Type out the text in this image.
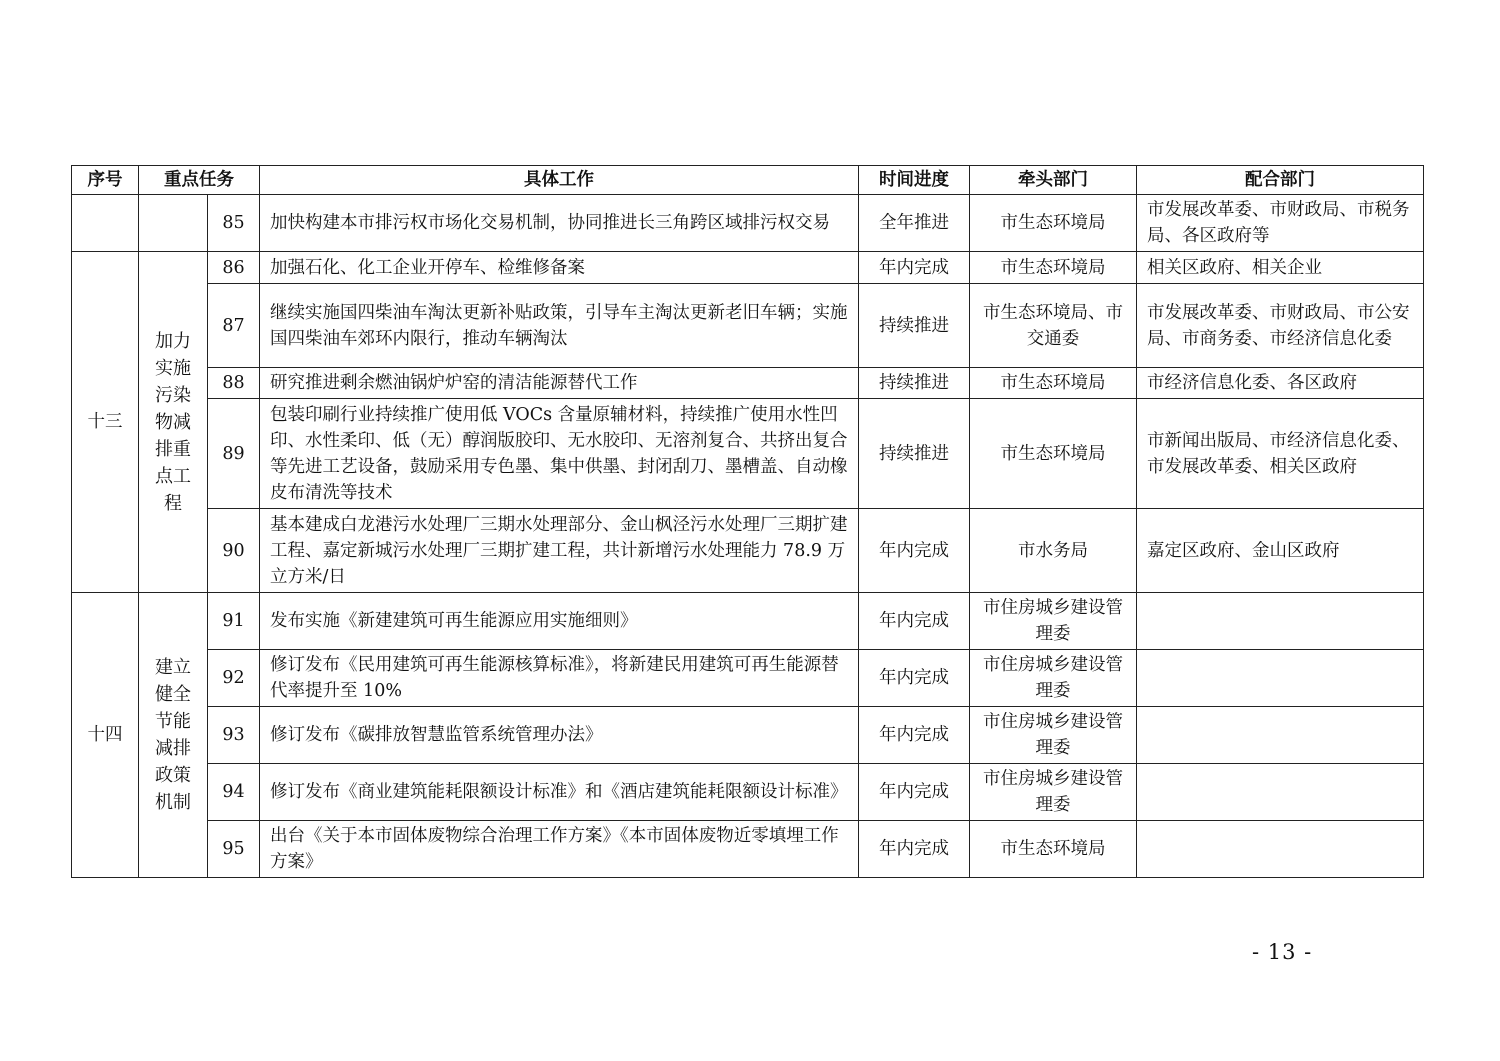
序号	重点任务		具体工作	时间进度	牵头部门	配合部门
		85	加快构建本市排污权市场化交易机制，协同推进长三角跨区域排污权交易	全年推进	市生态环境局	市发展改革委、市财政局、市税务局、各区政府等
十三	加力实施污染物减排重点工程	86	加强石化、化工企业开停车、检维修备案	年内完成	市生态环境局	相关区政府、相关企业
		87	继续实施国四柴油车淘汰更新补贴政策，引导车主淘汰更新老旧车辆；实施国四柴油车郊环内限行，推动车辆淘汰	持续推进	市生态环境局、市交通委	市发展改革委、市财政局、市公安局、市商务委、市经济信息化委
		88	研究推进剩余燃油锅炉炉窑的清洁能源替代工作	持续推进	市生态环境局	市经济信息化委、各区政府
		89	包装印刷行业持续推广使用低 VOCs 含量原辅材料，持续推广使用水性凹印、水性柔印、低（无）醇润版胶印、无水胶印、无溶剂复合、共挤出复合等先进工艺设备，鼓励采用专色墨、集中供墨、封闭刮刀、墨槽盖、自动橡皮布清洗等技术	持续推进	市生态环境局	市新闻出版局、市经济信息化委、市发展改革委、相关区政府
		90	基本建成白龙港污水处理厂三期水处理部分、金山枫泾污水处理厂三期扩建工程、嘉定新城污水处理厂三期扩建工程，共计新增污水处理能力 78.9 万立方米/日	年内完成	市水务局	嘉定区政府、金山区政府
十四	建立健全节能减排政策机制	91	发布实施《新建建筑可再生能源应用实施细则》	年内完成	市住房城乡建设管理委	
		92	修订发布《民用建筑可再生能源核算标准》，将新建民用建筑可再生能源替代率提升至 10%	年内完成	市住房城乡建设管理委	
		93	修订发布《碳排放智慧监管系统管理办法》	年内完成	市住房城乡建设管理委	
		94	修订发布《商业建筑能耗限额设计标准》和《酒店建筑能耗限额设计标准》	年内完成	市住房城乡建设管理委	
		95	出台《关于本市固体废物综合治理工作方案》《本市固体废物近零填埋工作方案》	年内完成	市生态环境局	
- 13 -
